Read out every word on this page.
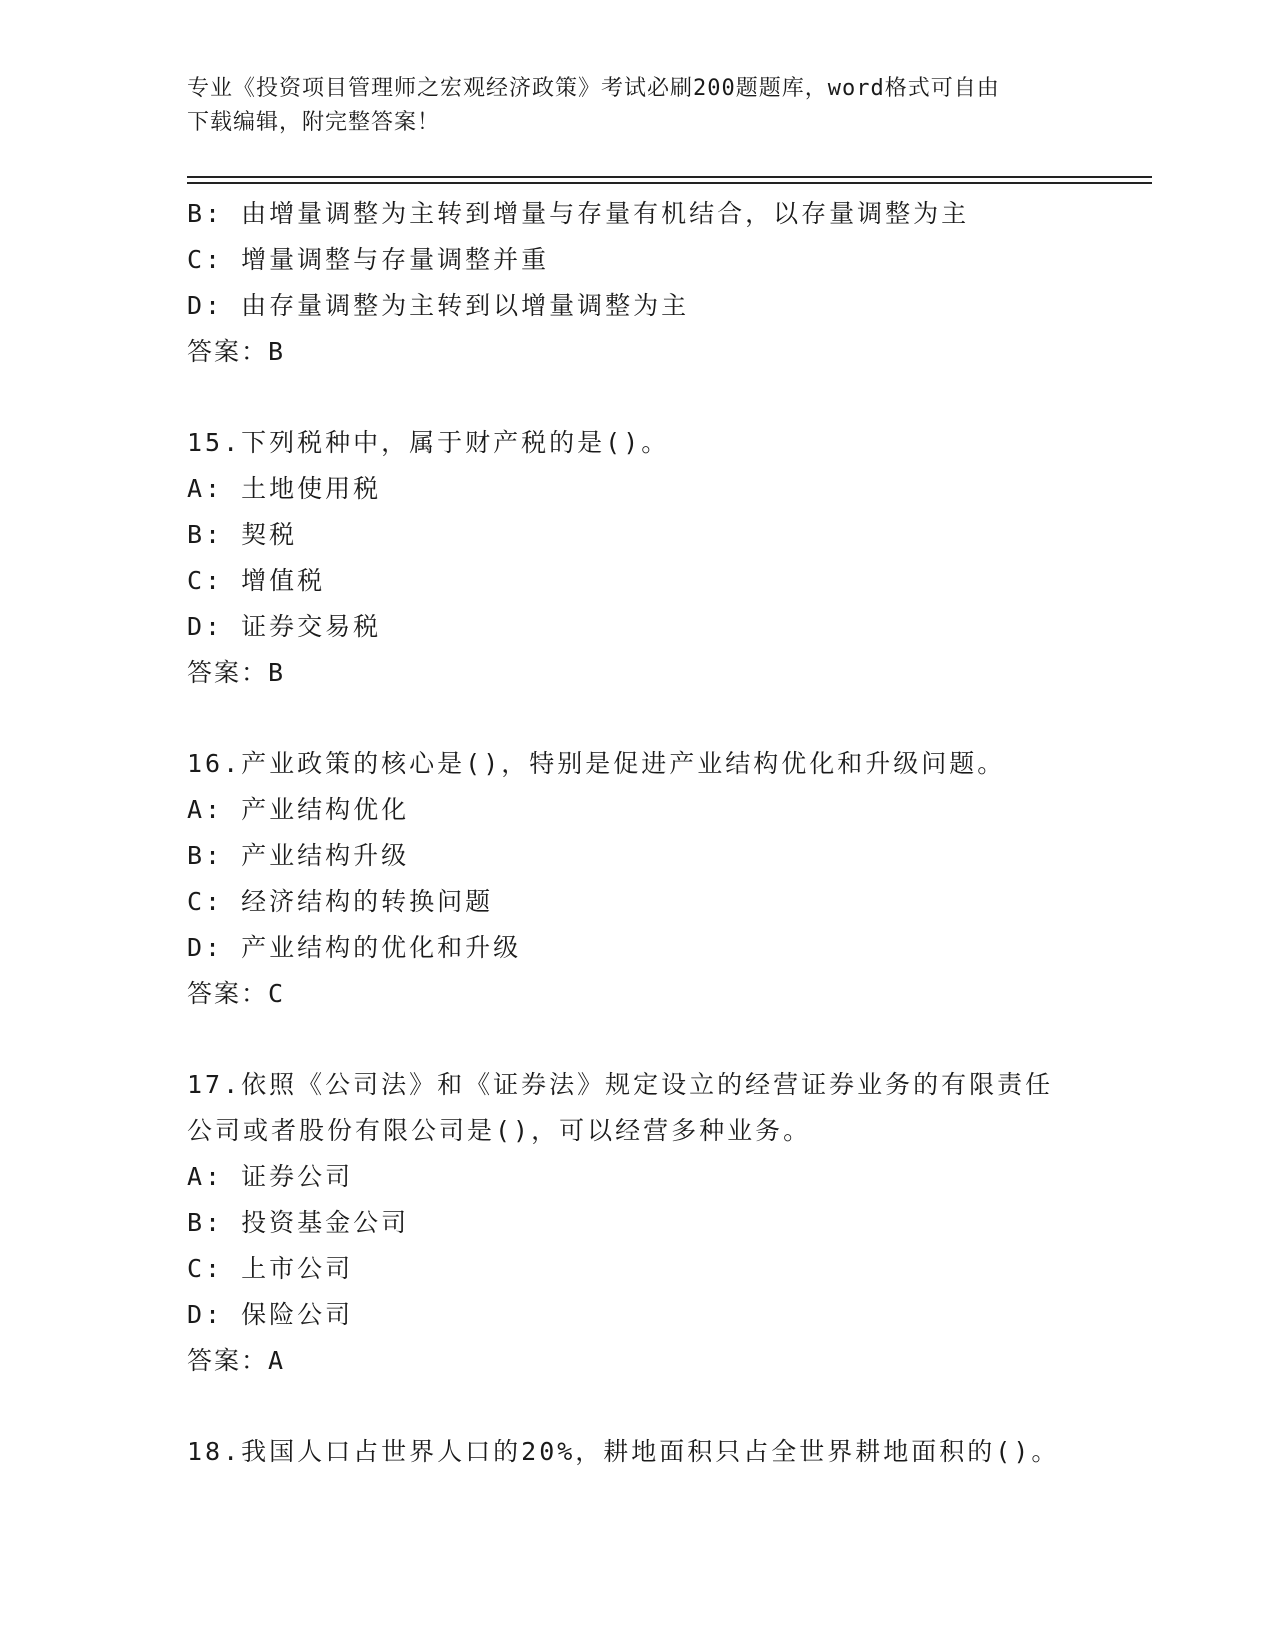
专业《投资项目管理师之宏观经济政策》考试必刷200题题库，word格式可自由
下载编辑，附完整答案！
B: 由增量调整为主转到增量与存量有机结合，以存量调整为主
C: 增量调整与存量调整并重
D: 由存量调整为主转到以增量调整为主
答案：B
15.下列税种中，属于财产税的是()。
A: 土地使用税
B: 契税
C: 增值税
D: 证券交易税
答案：B
16.产业政策的核心是()，特别是促进产业结构优化和升级问题。
A: 产业结构优化
B: 产业结构升级
C: 经济结构的转换问题
D: 产业结构的优化和升级
答案：C
17.依照《公司法》和《证券法》规定设立的经营证券业务的有限责任
公司或者股份有限公司是()，可以经营多种业务。
A: 证券公司
B: 投资基金公司
C: 上市公司
D: 保险公司
答案：A
18.我国人口占世界人口的20%，耕地面积只占全世界耕地面积的()。
